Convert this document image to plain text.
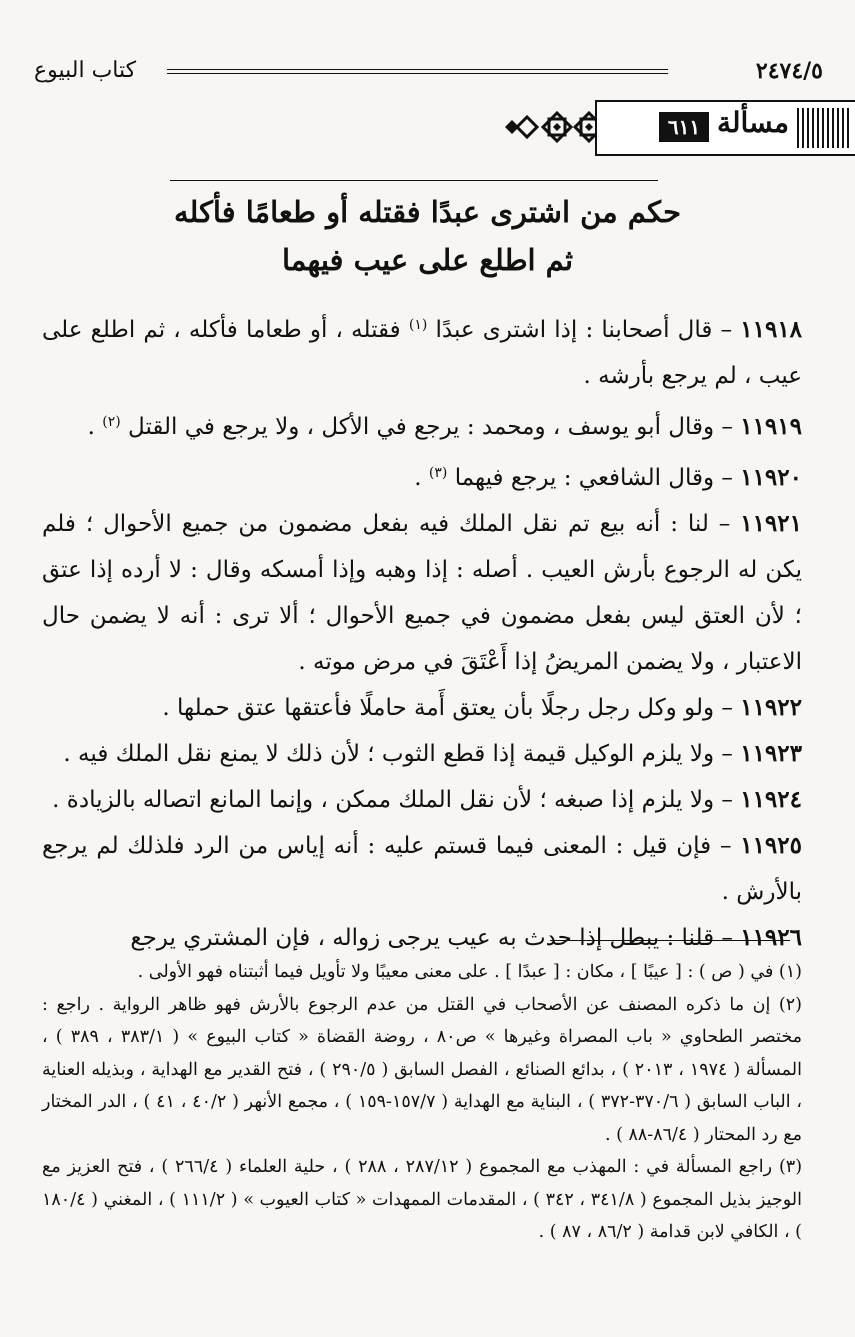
كتاب البيوع	٢٤٧٤/٥
مسألة
٦١١
حكم من اشترى عبدًا فقتله أو طعامًا فأكله
ثم اطلع على عيب فيهما

١١٩١٨ – قال أصحابنا : إذا اشترى عبدًا $^{(١)}$ فقتله ، أو طعاما فأكله ، ثم اطلع على عيب ، لم يرجع بأرشه .

١١٩١٩ – وقال أبو يوسف ، ومحمد : يرجع في الأكل ، ولا يرجع في القتل $^{(٢)}$ .

١١٩٢٠ – وقال الشافعي : يرجع فيهما $^{(٣)}$ .

١١٩٢١ – لنا : أنه بيع تم نقل الملك فيه بفعل مضمون من جميع الأحوال ؛ فلم يكن له الرجوع بأرش العيب . أصله : إذا وهبه وإذا أمسكه وقال : لا أرده إذا عتق ؛ لأن العتق ليس بفعل مضمون في جميع الأحوال ؛ ألا ترى : أنه لا يضمن حال الاعتبار ، ولا يضمن المريضُ إذا أَعْتَقَ في مرض موته .

١١٩٢٢ – ولو وكل رجل رجلًا بأن يعتق أَمة حاملًا فأعتقها عتق حملها .

١١٩٢٣ – ولا يلزم الوكيل قيمة إذا قطع الثوب ؛ لأن ذلك لا يمنع نقل الملك فيه .

١١٩٢٤ – ولا يلزم إذا صبغه ؛ لأن نقل الملك ممكن ، وإنما المانع اتصاله بالزيادة .

١١٩٢٥ – فإن قيل : المعنى فيما قستم عليه : أنه إياس من الرد فلذلك لم يرجع بالأرش .

١١٩٢٦ – قلنا : يبطل إذا حدث به عيب يرجى زواله ، فإن المشتري يرجع

(١) في ( ص ) : [ عيبًا ] ، مكان : [ عبدًا ] . على معنى معيبًا ولا تأويل فيما أثبتناه فهو الأولى .

(٢) إن ما ذكره المصنف عن الأصحاب في القتل من عدم الرجوع بالأرش فهو ظاهر الرواية . راجع : مختصر الطحاوي « باب المصراة وغيرها » ص٨٠ ، روضة القضاة « كتاب البيوع » ( ٣٨٣/١ ، ٣٨٩ ) ، المسألة ( ١٩٧٤ ، ٢٠١٣ ) ، بدائع الصنائع ، الفصل السابق ( ٢٩٠/٥ ) ، فتح القدير مع الهداية ، وبذيله العناية ، الباب السابق ( ٣٧٠/٦-٣٧٢ ) ، البناية مع الهداية ( ١٥٧/٧-١٥٩ ) ، مجمع الأنهر ( ٤٠/٢ ، ٤١ ) ، الدر المختار مع رد المحتار ( ٨٦/٤-٨٨ ) .

(٣) راجع المسألة في : المهذب مع المجموع ( ٢٨٧/١٢ ، ٢٨٨ ) ، حلية العلماء ( ٢٦٦/٤ ) ، فتح العزيز مع الوجيز بذيل المجموع ( ٣٤١/٨ ، ٣٤٢ ) ، المقدمات الممهدات « كتاب العيوب » ( ١١١/٢ ) ، المغني ( ١٨٠/٤ ) ، الكافي لابن قدامة ( ٨٦/٢ ، ٨٧ ) .
